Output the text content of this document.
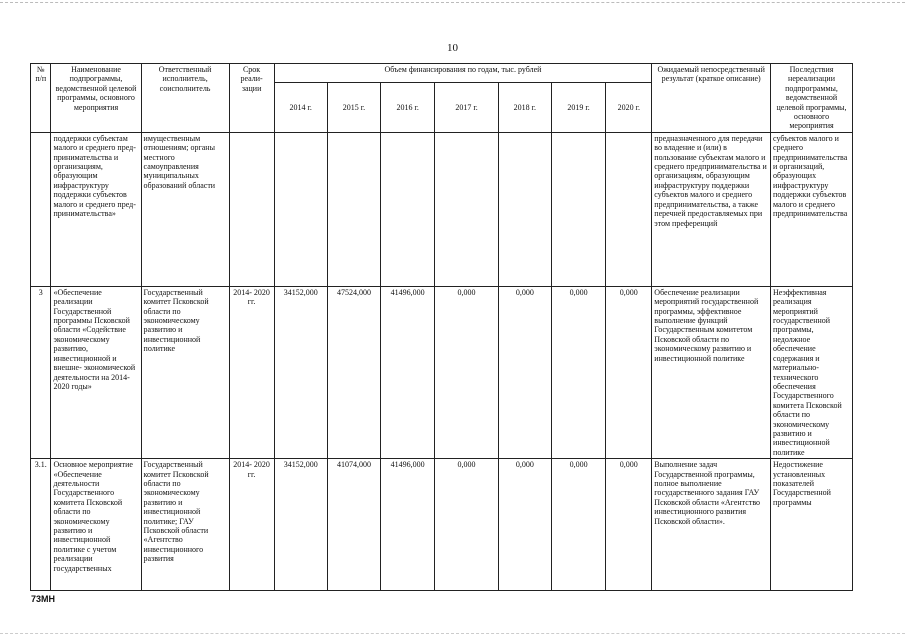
10
№ п/п	Наименование подпрограммы, ведомственной целевой программы, основного мероприятия	Ответственный исполнитель, соисполнитель	Срок реали- зации	Объем финансирования по годам, тыс. рублей							Ожидаемый непосредственный результат (краткое описание)	Последствия нереализации подпрограммы, ведомственной целевой программы, основного мероприятия
				2014 г.	2015 г.	2016 г.	2017 г.	2018 г.	2019 г.	2020 г.		
	поддержки субъектам малого и среднего пред- принимательства и организациям, образующим инфраструктуру поддержки субъектов малого и среднего пред- принимательства»	имущественным отношениям; органы местного самоуправления муниципальных образований области									предназначенного для передачи во владение и (или) в пользование субъектам малого и среднего предпринимательства и организациям, образующим инфраструктуру поддержки субъектов малого и среднего предпринимательства, а также перечней предоставляемых при этом преференций	субъектов малого и среднего предпринимательства и организаций, образующих инфраструктуру поддержки субъектов малого и среднего предпринимательства
3	«Обеспечение реализации Государственной программы Псковской области «Содействие экономическому развитию, инвестиционной и внешне- экономической деятельности на 2014-2020 годы»	Государственный комитет Псковской области по экономическому развитию и инвестиционной политике	2014- 2020 гг.	34152,000	47524,000	41496,000	0,000	0,000	0,000	0,000	Обеспечение реализации мероприятий государственной программы, эффективное выполнение функций Государственным комитетом Псковской области по экономическому развитию и инвестиционной политике	Неэффективная реализация мероприятий государственной программы, недолжное обеспечение содержания и материально- технического обеспечения Государственного комитета Псковской области по экономическому развитию и инвестиционной политике
3.1.	Основное мероприятие «Обеспечение деятельности Государственного комитета Псковской области по экономическому развитию и инвестиционной политике с учетом реализации государственных	Государственный комитет Псковской области по экономическому развитию и инвестиционной политике; ГАУ Псковской области «Агентство инвестиционного развития	2014- 2020 гг.	34152,000	41074,000	41496,000	0,000	0,000	0,000	0,000	Выполнение задач Государственной программы, полное выполнение государственного задания ГАУ Псковской области «Агентство инвестиционного развития Псковской области».	Недостижение установленных показателей Государственной программы
73МН
